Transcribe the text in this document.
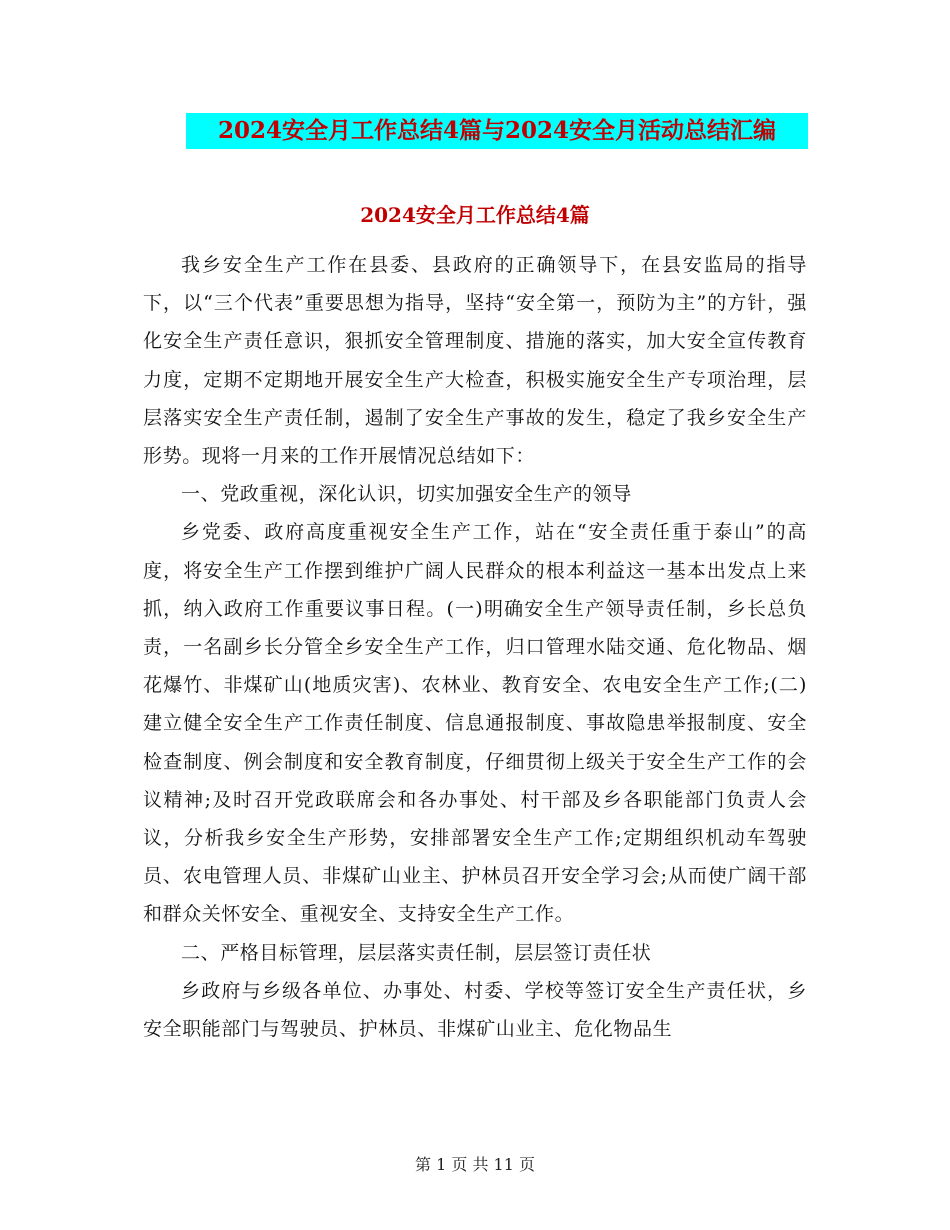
2024安全月工作总结4篇与2024安全月活动总结汇编
2024安全月工作总结4篇

我乡安全生产工作在县委、县政府的正确领导下，在县安监局的指导下，以“三个代表”重要思想为指导，坚持“安全第一，预防为主”的方针，强化安全生产责任意识，狠抓安全管理制度、措施的落实，加大安全宣传教育力度，定期不定期地开展安全生产大检查，积极实施安全生产专项治理，层层落实安全生产责任制，遏制了安全生产事故的发生，稳定了我乡安全生产形势。现将一月来的工作开展情况总结如下：

一、党政重视，深化认识，切实加强安全生产的领导

乡党委、政府高度重视安全生产工作，站在“安全责任重于泰山”的高度，将安全生产工作摆到维护广阔人民群众的根本利益这一基本出发点上来抓，纳入政府工作重要议事日程。(一)明确安全生产领导责任制，乡长总负责，一名副乡长分管全乡安全生产工作，归口管理水陆交通、危化物品、烟花爆竹、非煤矿山(地质灾害)、农林业、教育安全、农电安全生产工作;(二)建立健全安全生产工作责任制度、信息通报制度、事故隐患举报制度、安全检查制度、例会制度和安全教育制度，仔细贯彻上级关于安全生产工作的会议精神;及时召开党政联席会和各办事处、村干部及乡各职能部门负责人会议，分析我乡安全生产形势，安排部署安全生产工作;定期组织机动车驾驶员、农电管理人员、非煤矿山业主、护林员召开安全学习会;从而使广阔干部和群众关怀安全、重视安全、支持安全生产工作。

二、严格目标管理，层层落实责任制，层层签订责任状

乡政府与乡级各单位、办事处、村委、学校等签订安全生产责任状，乡安全职能部门与驾驶员、护林员、非煤矿山业主、危化物品生

第 1 页 共 11 页
